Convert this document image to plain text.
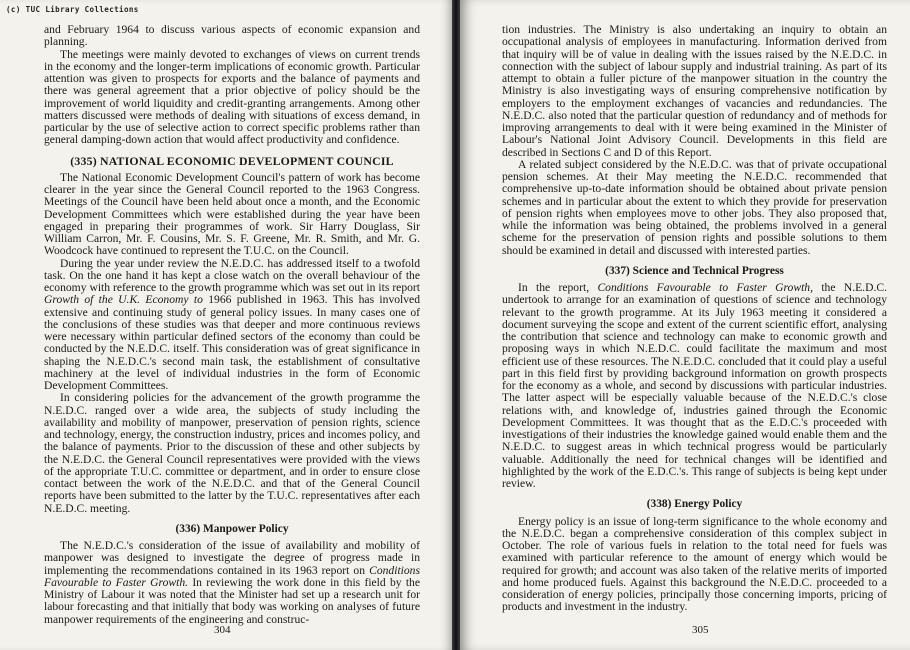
(c) TUC Library Collections

and February 1964 to discuss various aspects of economic expansion and planning.

The meetings were mainly devoted to exchanges of views on current trends in the economy and the longer-term implications of economic growth. Particular attention was given to prospects for exports and the balance of payments and there was general agreement that a prior objective of policy should be the improvement of world liquidity and credit-granting arrangements. Among other matters discussed were methods of dealing with situations of excess demand, in particular by the use of selective action to correct specific problems rather than general damping-down action that would affect productivity and confidence.

(335) NATIONAL ECONOMIC DEVELOPMENT COUNCIL

The National Economic Development Council's pattern of work has become clearer in the year since the General Council reported to the 1963 Congress. Meetings of the Council have been held about once a month, and the Economic Development Committees which were established during the year have been engaged in preparing their programmes of work. Sir Harry Douglass, Sir William Carron, Mr. F. Cousins, Mr. S. F. Greene, Mr. R. Smith, and Mr. G. Woodcock have continued to represent the T.U.C. on the Council.

During the year under review the N.E.D.C. has addressed itself to a twofold task. On the one hand it has kept a close watch on the overall behaviour of the economy with reference to the growth programme which was set out in its report Growth of the U.K. Economy to 1966 published in 1963. This has involved extensive and continuing study of general policy issues. In many cases one of the conclusions of these studies was that deeper and more continuous reviews were necessary within particular defined sectors of the economy than could be conducted by the N.E.D.C. itself. This consideration was of great significance in shaping the N.E.D.C.'s second main task, the establishment of consultative machinery at the level of individual industries in the form of Economic Development Committees.

In considering policies for the advancement of the growth programme the N.E.D.C. ranged over a wide area, the subjects of study including the availability and mobility of manpower, preservation of pension rights, science and technology, energy, the construction industry, prices and incomes policy, and the balance of payments. Prior to the discussion of these and other subjects by the N.E.D.C. the General Council representatives were provided with the views of the appropriate T.U.C. committee or department, and in order to ensure close contact between the work of the N.E.D.C. and that of the General Council reports have been submitted to the latter by the T.U.C. representatives after each N.E.D.C. meeting.

(336) Manpower Policy

The N.E.D.C.'s consideration of the issue of availability and mobility of manpower was designed to investigate the degree of progress made in implementing the recommendations contained in its 1963 report on Conditions Favourable to Faster Growth. In reviewing the work done in this field by the Ministry of Labour it was noted that the Minister had set up a research unit for labour forecasting and that initially that body was working on analyses of future manpower requirements of the engineering and construc-

304

tion industries. The Ministry is also undertaking an inquiry to obtain an occupational analysis of employees in manufacturing. Information derived from that inquiry will be of value in dealing with the issues raised by the N.E.D.C. in connection with the subject of labour supply and industrial training. As part of its attempt to obtain a fuller picture of the manpower situation in the country the Ministry is also investigating ways of ensuring comprehensive notification by employers to the employment exchanges of vacancies and redundancies. The N.E.D.C. also noted that the particular question of redundancy and of methods for improving arrangements to deal with it were being examined in the Minister of Labour's National Joint Advisory Council. Developments in this field are described in Sections C and D of this Report.

A related subject considered by the N.E.D.C. was that of private occupational pension schemes. At their May meeting the N.E.D.C. recommended that comprehensive up-to-date information should be obtained about private pension schemes and in particular about the extent to which they provide for preservation of pension rights when employees move to other jobs. They also proposed that, while the information was being obtained, the problems involved in a general scheme for the preservation of pension rights and possible solutions to them should be examined in detail and discussed with interested parties.

(337) Science and Technical Progress

In the report, Conditions Favourable to Faster Growth, the N.E.D.C. undertook to arrange for an examination of questions of science and technology relevant to the growth programme. At its July 1963 meeting it considered a document surveying the scope and extent of the current scientific effort, analysing the contribution that science and technology can make to economic growth and proposing ways in which N.E.D.C. could facilitate the maximum and most efficient use of these resources. The N.E.D.C. concluded that it could play a useful part in this field first by providing background information on growth prospects for the economy as a whole, and second by discussions with particular industries. The latter aspect will be especially valuable because of the N.E.D.C.'s close relations with, and knowledge of, industries gained through the Economic Development Committees. It was thought that as the E.D.C.'s proceeded with investigations of their industries the knowledge gained would enable them and the N.E.D.C. to suggest areas in which technical progress would be particularly valuable. Additionally the need for technical changes will be identified and highlighted by the work of the E.D.C.'s. This range of subjects is being kept under review.

(338) Energy Policy

Energy policy is an issue of long-term significance to the whole economy and the N.E.D.C. began a comprehensive consideration of this complex subject in October. The role of various fuels in relation to the total need for fuels was examined with particular reference to the amount of energy which would be required for growth; and account was also taken of the relative merits of imported and home produced fuels. Against this background the N.E.D.C. proceeded to a consideration of energy policies, principally those concerning imports, pricing of products and investment in the industry.

305
